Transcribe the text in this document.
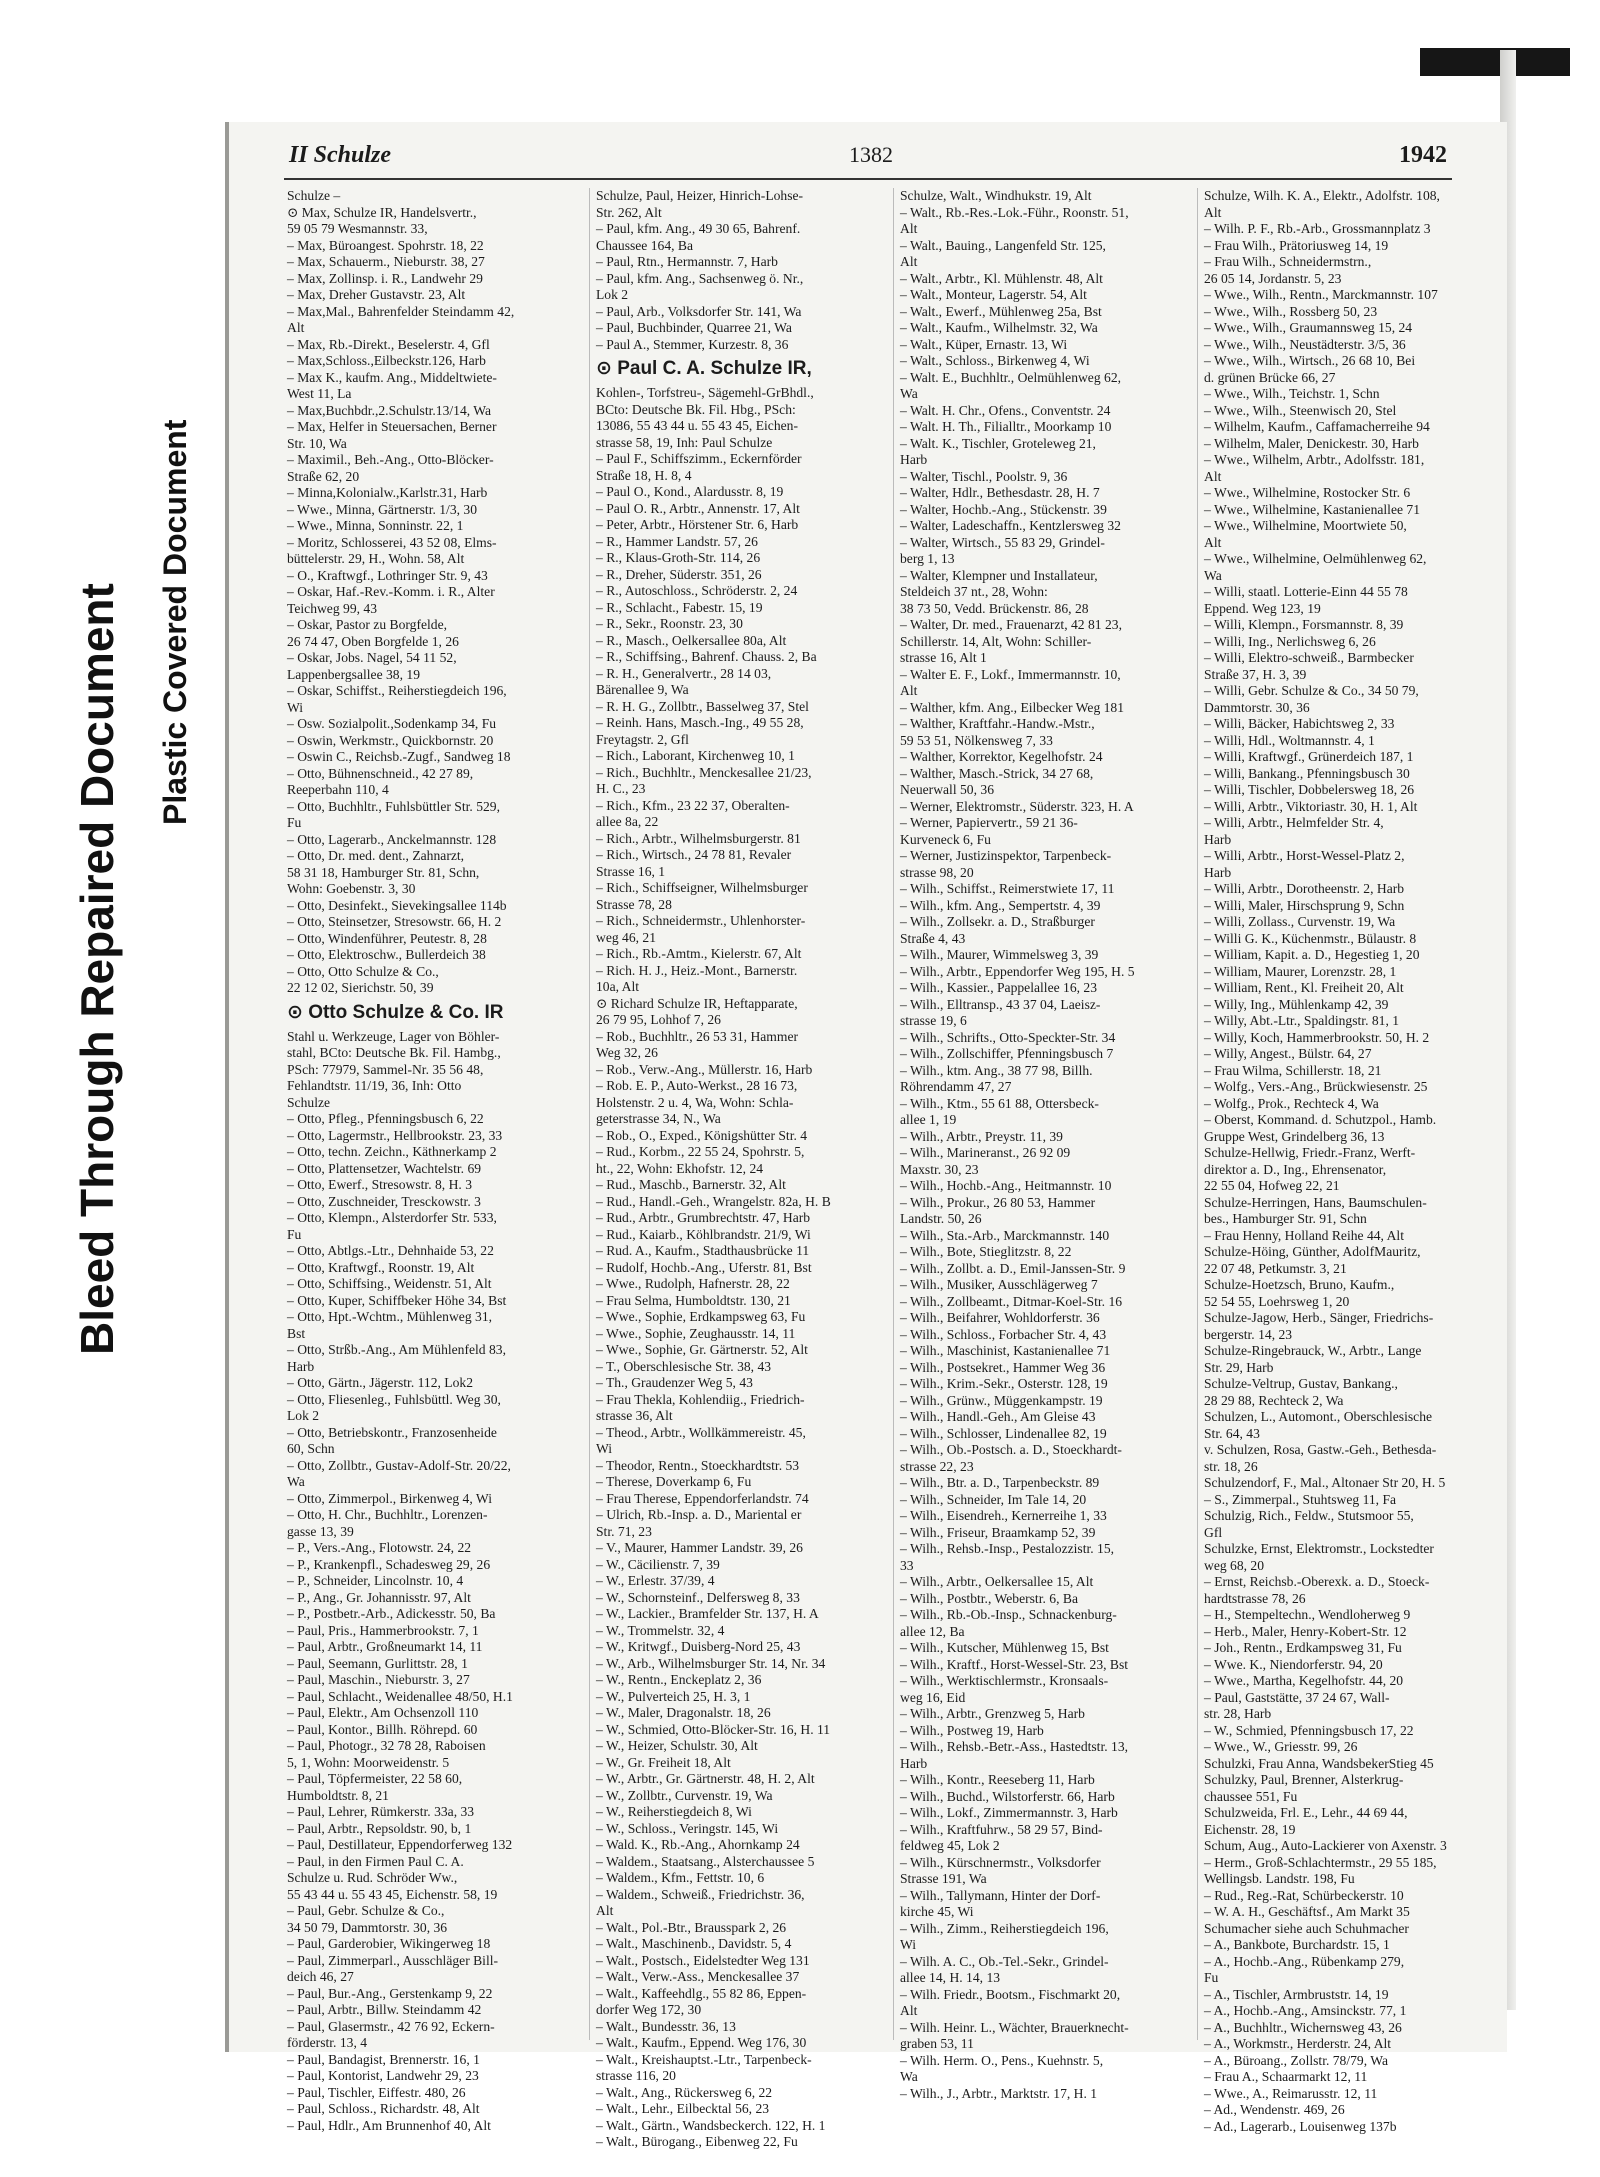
Bleed Through Repaired Document Plastic Covered Document
II Schulze	1382	1942
Schulze –
⊙ Max, Schulze IR, Handelsvertr.,
59 05 79 Wesmannstr. 33,
– Max, Büroangest. Spohrstr. 18, 22
– Max, Schauerm., Nieburstr. 38, 27
– Max, Zollinsp. i. R., Landwehr 29
– Max, Dreher Gustavstr. 23, Alt
– Max,Mal., Bahrenfelder Steindamm 42,
Alt
– Max, Rb.-Direkt., Beselerstr. 4, Gfl
– Max,Schloss.,Eilbeckstr.126, Harb
– Max K., kaufm. Ang., Middeltwiete-
West 11, La
– Max,Buchbdr.,2.Schulstr.13/14, Wa
– Max, Helfer in Steuersachen, Berner
Str. 10, Wa
– Maximil., Beh.-Ang., Otto-Blöcker-
Straße 62, 20
– Minna,Kolonialw.,Karlstr.31, Harb
– Wwe., Minna, Gärtnerstr. 1/3, 30
– Wwe., Minna, Sonninstr. 22, 1
– Moritz, Schlosserei, 43 52 08, Elms-
büttelerstr. 29, H., Wohn. 58, Alt
– O., Kraftwgf., Lothringer Str. 9, 43
– Oskar, Haf.-Rev.-Komm. i. R., Alter
Teichweg 99, 43
– Oskar, Pastor zu Borgfelde,
26 74 47, Oben Borgfelde 1, 26
– Oskar, Jobs. Nagel, 54 11 52,
Lappenbergsallee 38, 19
– Oskar, Schiffst., Reiherstiegdeich 196,
Wi
– Osw. Sozialpolit.,Sodenkamp 34, Fu
– Oswin, Werkmstr., Quickbornstr. 20
– Oswin C., Reichsb.-Zugf., Sandweg 18
– Otto, Bühnenschneid., 42 27 89,
Reeperbahn 110, 4
– Otto, Buchhltr., Fuhlsbüttler Str. 529,
Fu
– Otto, Lagerarb., Anckelmannstr. 128
– Otto, Dr. med. dent., Zahnarzt,
58 31 18, Hamburger Str. 81, Schn,
Wohn: Goebenstr. 3, 30
– Otto, Desinfekt., Sievekingsallee 114b
– Otto, Steinsetzer, Stresowstr. 66, H. 2
– Otto, Windenführer, Peutestr. 8, 28
– Otto, Elektroschw., Bullerdeich 38
– Otto, Otto Schulze & Co.,
22 12 02, Sierichstr. 50, 39
⊙ Otto Schulze & Co. IR
Stahl u. Werkzeuge, Lager von Böhler-
stahl, BCto: Deutsche Bk. Fil. Hambg.,
PSch: 77979, Sammel-Nr. 35 56 48,
Fehlandtstr. 11/19, 36, Inh: Otto
Schulze
– Otto, Pfleg., Pfenningsbusch 6, 22
– Otto, Lagermstr., Hellbrookstr. 23, 33
– Otto, techn. Zeichn., Käthnerkamp 2
– Otto, Plattensetzer, Wachtelstr. 69
– Otto, Ewerf., Stresowstr. 8, H. 3
– Otto, Zuschneider, Tresckowstr. 3
– Otto, Klempn., Alsterdorfer Str. 533,
Fu
– Otto, Abtlgs.-Ltr., Dehnhaide 53, 22
– Otto, Kraftwgf., Roonstr. 19, Alt
– Otto, Schiffsing., Weidenstr. 51, Alt
– Otto, Kuper, Schiffbeker Höhe 34, Bst
– Otto, Hpt.-Wchtm., Mühlenweg 31,
Bst
– Otto, Strßb.-Ang., Am Mühlenfeld 83,
Harb
– Otto, Gärtn., Jägerstr. 112, Lok2
– Otto, Fliesenleg., Fuhlsbüttl. Weg 30,
Lok 2
– Otto, Betriebskontr., Franzosenheide
60, Schn
– Otto, Zollbtr., Gustav-Adolf-Str. 20/22,
Wa
– Otto, Zimmerpol., Birkenweg 4, Wi
– Otto, H. Chr., Buchhltr., Lorenzen-
gasse 13, 39
– P., Vers.-Ang., Flotowstr. 24, 22
– P., Krankenpfl., Schadesweg 29, 26
– P., Schneider, Lincolnstr. 10, 4
– P., Ang., Gr. Johannisstr. 97, Alt
– P., Postbetr.-Arb., Adickesstr. 50, Ba
– Paul, Pris., Hammerbrookstr. 7, 1
– Paul, Arbtr., Großneumarkt 14, 11
– Paul, Seemann, Gurlittstr. 28, 1
– Paul, Maschin., Nieburstr. 3, 27
– Paul, Schlacht., Weidenallee 48/50, H.1
– Paul, Elektr., Am Ochsenzoll 110
– Paul, Kontor., Billh. Röhrepd. 60
– Paul, Photogr., 32 78 28, Raboisen
5, 1, Wohn: Moorweidenstr. 5
– Paul, Töpfermeister, 22 58 60,
Humboldtstr. 8, 21
– Paul, Lehrer, Rümkerstr. 33a, 33
– Paul, Arbtr., Repsoldstr. 90, b, 1
– Paul, Destillateur, Eppendorferweg 132
– Paul, in den Firmen Paul C. A.
Schulze u. Rud. Schröder Ww.,
55 43 44 u. 55 43 45, Eichenstr. 58, 19
– Paul, Gebr. Schulze & Co.,
34 50 79, Dammtorstr. 30, 36
– Paul, Garderobier, Wikingerweg 18
– Paul, Zimmerparl., Ausschläger Bill-
deich 46, 27
– Paul, Bur.-Ang., Gerstenkamp 9, 22
– Paul, Arbtr., Billw. Steindamm 42
– Paul, Glasermstr., 42 76 92, Eckern-
förderstr. 13, 4
– Paul, Bandagist, Brennerstr. 16, 1
– Paul, Kontorist, Landwehr 29, 23
– Paul, Tischler, Eiffestr. 480, 26
– Paul, Schloss., Richardstr. 48, Alt
– Paul, Hdlr., Am Brunnenhof 40, Alt
Schulze, Paul, Heizer, Hinrich-Lohse-
Str. 262, Alt
– Paul, kfm. Ang., 49 30 65, Bahrenf.
Chaussee 164, Ba
– Paul, Rtn., Hermannstr. 7, Harb
– Paul, kfm. Ang., Sachsenweg ö. Nr.,
Lok 2
– Paul, Arb., Volksdorfer Str. 141, Wa
– Paul, Buchbinder, Quarree 21, Wa
– Paul A., Stemmer, Kurzestr. 8, 36
⊙ Paul C. A. Schulze IR,
Kohlen-, Torfstreu-, Sägemehl-GrBhdl.,
BCto: Deutsche Bk. Fil. Hbg., PSch:
13086, 55 43 44 u. 55 43 45, Eichen-
strasse 58, 19, Inh: Paul Schulze
– Paul F., Schiffszimm., Eckernförder
Straße 18, H. 8, 4
– Paul O., Kond., Alardusstr. 8, 19
– Paul O. R., Arbtr., Annenstr. 17, Alt
– Peter, Arbtr., Hörstener Str. 6, Harb
– R., Hammer Landstr. 57, 26
– R., Klaus-Groth-Str. 114, 26
– R., Dreher, Süderstr. 351, 26
– R., Autoschloss., Schröderstr. 2, 24
– R., Schlacht., Fabestr. 15, 19
– R., Sekr., Roonstr. 23, 30
– R., Masch., Oelkersallee 80a, Alt
– R., Schiffsing., Bahrenf. Chauss. 2, Ba
– R. H., Generalvertr., 28 14 03,
Bärenallee 9, Wa
– R. H. G., Zollbtr., Basselweg 37, Stel
– Reinh. Hans, Masch.-Ing., 49 55 28,
Freytagstr. 2, Gfl
– Rich., Laborant, Kirchenweg 10, 1
– Rich., Buchhltr., Menckesallee 21/23,
H. C., 23
– Rich., Kfm., 23 22 37, Oberalten-
allee 8a, 22
– Rich., Arbtr., Wilhelmsburgerstr. 81
– Rich., Wirtsch., 24 78 81, Revaler
Strasse 16, 1
– Rich., Schiffseigner, Wilhelmsburger
Strasse 78, 28
– Rich., Schneidermstr., Uhlenhorster-
weg 46, 21
– Rich., Rb.-Amtm., Kielerstr. 67, Alt
– Rich. H. J., Heiz.-Mont., Barnerstr.
10a, Alt
⊙ Richard Schulze IR, Heftapparate,
26 79 95, Lohhof 7, 26
– Rob., Buchhltr., 26 53 31, Hammer
Weg 32, 26
– Rob., Verw.-Ang., Müllerstr. 16, Harb
– Rob. E. P., Auto-Werkst., 28 16 73,
Holstenstr. 2 u. 4, Wa, Wohn: Schla-
geterstrasse 34, N., Wa
– Rob., O., Exped., Königshütter Str. 4
– Rud., Korbm., 22 55 24, Spohrstr. 5,
ht., 22, Wohn: Ekhofstr. 12, 24
– Rud., Maschb., Barnerstr. 32, Alt
– Rud., Handl.-Geh., Wrangelstr. 82a, H. B
– Rud., Arbtr., Grumbrechtstr. 47, Harb
– Rud., Kaiarb., Köhlbrandstr. 21/9, Wi
– Rud. A., Kaufm., Stadthausbrücke 11
– Rudolf, Hochb.-Ang., Uferstr. 81, Bst
– Wwe., Rudolph, Hafnerstr. 28, 22
– Frau Selma, Humboldtstr. 130, 21
– Wwe., Sophie, Erdkampsweg 63, Fu
– Wwe., Sophie, Zeughausstr. 14, 11
– Wwe., Sophie, Gr. Gärtnerstr. 52, Alt
– T., Oberschlesische Str. 38, 43
– Th., Graudenzer Weg 5, 43
– Frau Thekla, Kohlendiig., Friedrich-
strasse 36, Alt
– Theod., Arbtr., Wollkämmereistr. 45,
Wi
– Theodor, Rentn., Stoeckhardtstr. 53
– Therese, Doverkamp 6, Fu
– Frau Therese, Eppendorferlandstr. 74
– Ulrich, Rb.-Insp. a. D., Mariental er
Str. 71, 23
– V., Maurer, Hammer Landstr. 39, 26
– W., Cäcilienstr. 7, 39
– W., Erlestr. 37/39, 4
– W., Schornsteinf., Delfersweg 8, 33
– W., Lackier., Bramfelder Str. 137, H. A
– W., Trommelstr. 32, 4
– W., Kritwgf., Duisberg-Nord 25, 43
– W., Arb., Wilhelmsburger Str. 14, Nr. 34
– W., Rentn., Enckeplatz 2, 36
– W., Pulverteich 25, H. 3, 1
– W., Maler, Dragonalstr. 18, 26
– W., Schmied, Otto-Blöcker-Str. 16, H. 11
– W., Heizer, Schulstr. 30, Alt
– W., Gr. Freiheit 18, Alt
– W., Arbtr., Gr. Gärtnerstr. 48, H. 2, Alt
– W., Zollbtr., Curvenstr. 19, Wa
– W., Reiherstiegdeich 8, Wi
– W., Schloss., Veringstr. 145, Wi
– Wald. K., Rb.-Ang., Ahornkamp 24
– Waldem., Staatsang., Alsterchaussee 5
– Waldem., Kfm., Fettstr. 10, 6
– Waldem., Schweiß., Friedrichstr. 36,
Alt
– Walt., Pol.-Btr., Brausspark 2, 26
– Walt., Maschinenb., Davidstr. 5, 4
– Walt., Postsch., Eidelstedter Weg 131
– Walt., Verw.-Ass., Menckesallee 37
– Walt., Kaffeehdlg., 55 82 86, Eppen-
dorfer Weg 172, 30
– Walt., Bundesstr. 36, 13
– Walt., Kaufm., Eppend. Weg 176, 30
– Walt., Kreishauptst.-Ltr., Tarpenbeck-
strasse 116, 20
– Walt., Ang., Rückersweg 6, 22
– Walt., Lehr., Eilbecktal 56, 23
– Walt., Gärtn., Wandsbeckerch. 122, H. 1
– Walt., Bürogang., Eibenweg 22, Fu
Schulze, Walt., Windhukstr. 19, Alt
– Walt., Rb.-Res.-Lok.-Führ., Roonstr. 51,
Alt
– Walt., Bauing., Langenfeld Str. 125,
Alt
– Walt., Arbtr., Kl. Mühlenstr. 48, Alt
– Walt., Monteur, Lagerstr. 54, Alt
– Walt., Ewerf., Mühlenweg 25a, Bst
– Walt., Kaufm., Wilhelmstr. 32, Wa
– Walt., Küper, Ernastr. 13, Wi
– Walt., Schloss., Birkenweg 4, Wi
– Walt. E., Buchhltr., Oelmühlenweg 62,
Wa
– Walt. H. Chr., Ofens., Conventstr. 24
– Walt. H. Th., Filialltr., Moorkamp 10
– Walt. K., Tischler, Groteleweg 21,
Harb
– Walter, Tischl., Poolstr. 9, 36
– Walter, Hdlr., Bethesdastr. 28, H. 7
– Walter, Hochb.-Ang., Stückenstr. 39
– Walter, Ladeschaffn., Kentzlersweg 32
– Walter, Wirtsch., 55 83 29, Grindel-
berg 1, 13
– Walter, Klempner und Installateur,
Steldeich 37 nt., 28, Wohn:
38 73 50, Vedd. Brückenstr. 86, 28
– Walter, Dr. med., Frauenarzt, 42 81 23,
Schillerstr. 14, Alt, Wohn: Schiller-
strasse 16, Alt 1
– Walter E. F., Lokf., Immermannstr. 10,
Alt
– Walther, kfm. Ang., Eilbecker Weg 181
– Walther, Kraftfahr.-Handw.-Mstr.,
59 53 51, Nölkensweg 7, 33
– Walther, Korrektor, Kegelhofstr. 24
– Walther, Masch.-Strick, 34 27 68,
Neuerwall 50, 36
– Werner, Elektromstr., Süderstr. 323, H. A
– Werner, Papiervertr., 59 21 36-
Kurveneck 6, Fu
– Werner, Justizinspektor, Tarpenbeck-
strasse 98, 20
– Wilh., Schiffst., Reimerstwiete 17, 11
– Wilh., kfm. Ang., Sempertstr. 4, 39
– Wilh., Zollsekr. a. D., Straßburger
Straße 4, 43
– Wilh., Maurer, Wimmelsweg 3, 39
– Wilh., Arbtr., Eppendorfer Weg 195, H. 5
– Wilh., Kassier., Pappelallee 16, 23
– Wilh., Elltransp., 43 37 04, Laeisz-
strasse 19, 6
– Wilh., Schrifts., Otto-Speckter-Str. 34
– Wilh., Zollschiffer, Pfenningsbusch 7
– Wilh., ktm. Ang., 38 77 98, Billh.
Röhrendamm 47, 27
– Wilh., Ktm., 55 61 88, Ottersbeck-
allee 1, 19
– Wilh., Arbtr., Preystr. 11, 39
– Wilh., Marineranst., 26 92 09
Maxstr. 30, 23
– Wilh., Hochb.-Ang., Heitmannstr. 10
– Wilh., Prokur., 26 80 53, Hammer
Landstr. 50, 26
– Wilh., Sta.-Arb., Marckmannstr. 140
– Wilh., Bote, Stieglitzstr. 8, 22
– Wilh., Zollbt. a. D., Emil-Janssen-Str. 9
– Wilh., Musiker, Ausschlägerweg 7
– Wilh., Zollbeamt., Ditmar-Koel-Str. 16
– Wilh., Beifahrer, Wohldorferstr. 36
– Wilh., Schloss., Forbacher Str. 4, 43
– Wilh., Maschinist, Kastanienallee 71
– Wilh., Postsekret., Hammer Weg 36
– Wilh., Krim.-Sekr., Osterstr. 128, 19
– Wilh., Grünw., Müggenkampstr. 19
– Wilh., Handl.-Geh., Am Gleise 43
– Wilh., Schlosser, Lindenallee 82, 19
– Wilh., Ob.-Postsch. a. D., Stoeckhardt-
strasse 22, 23
– Wilh., Btr. a. D., Tarpenbeckstr. 89
– Wilh., Schneider, Im Tale 14, 20
– Wilh., Eisendreh., Kernerreihe 1, 33
– Wilh., Friseur, Braamkamp 52, 39
– Wilh., Rehsb.-Insp., Pestalozzistr. 15,
33
– Wilh., Arbtr., Oelkersallee 15, Alt
– Wilh., Postbtr., Weberstr. 6, Ba
– Wilh., Rb.-Ob.-Insp., Schnackenburg-
allee 12, Ba
– Wilh., Kutscher, Mühlenweg 15, Bst
– Wilh., Kraftf., Horst-Wessel-Str. 23, Bst
– Wilh., Werktischlermstr., Kronsaals-
weg 16, Eid
– Wilh., Arbtr., Grenzweg 5, Harb
– Wilh., Postweg 19, Harb
– Wilh., Rehsb.-Betr.-Ass., Hastedtstr. 13,
Harb
– Wilh., Kontr., Reeseberg 11, Harb
– Wilh., Buchd., Wilstorferstr. 66, Harb
– Wilh., Lokf., Zimmermannstr. 3, Harb
– Wilh., Kraftfuhrw., 58 29 57, Bind-
feldweg 45, Lok 2
– Wilh., Kürschnermstr., Volksdorfer
Strasse 191, Wa
– Wilh., Tallymann, Hinter der Dorf-
kirche 45, Wi
– Wilh., Zimm., Reiherstiegdeich 196,
Wi
– Wilh. A. C., Ob.-Tel.-Sekr., Grindel-
allee 14, H. 14, 13
– Wilh. Friedr., Bootsm., Fischmarkt 20,
Alt
– Wilh. Heinr. L., Wächter, Brauerknecht-
graben 53, 11
– Wilh. Herm. O., Pens., Kuehnstr. 5,
Wa
– Wilh., J., Arbtr., Marktstr. 17, H. 1
Schulze, Wilh. K. A., Elektr., Adolfstr. 108,
Alt
– Wilh. P. F., Rb.-Arb., Grossmannplatz 3
– Frau Wilh., Prätoriusweg 14, 19
– Frau Wilh., Schneidermstrn.,
26 05 14, Jordanstr. 5, 23
– Wwe., Wilh., Rentn., Marckmannstr. 107
– Wwe., Wilh., Rossberg 50, 23
– Wwe., Wilh., Graumannsweg 15, 24
– Wwe., Wilh., Neustädterstr. 3/5, 36
– Wwe., Wilh., Wirtsch., 26 68 10, Bei
d. grünen Brücke 66, 27
– Wwe., Wilh., Teichstr. 1, Schn
– Wwe., Wilh., Steenwisch 20, Stel
– Wilhelm, Kaufm., Caffamacherreihe 94
– Wilhelm, Maler, Denickestr. 30, Harb
– Wwe., Wilhelm, Arbtr., Adolfsstr. 181,
Alt
– Wwe., Wilhelmine, Rostocker Str. 6
– Wwe., Wilhelmine, Kastanienallee 71
– Wwe., Wilhelmine, Moortwiete 50,
Alt
– Wwe., Wilhelmine, Oelmühlenweg 62,
Wa
– Willi, staatl. Lotterie-Einn 44 55 78
Eppend. Weg 123, 19
– Willi, Klempn., Forsmannstr. 8, 39
– Willi, Ing., Nerlichsweg 6, 26
– Willi, Elektro-schweiß., Barmbecker
Straße 37, H. 3, 39
– Willi, Gebr. Schulze & Co., 34 50 79,
Dammtorstr. 30, 36
– Willi, Bäcker, Habichtsweg 2, 33
– Willi, Hdl., Woltmannstr. 4, 1
– Willi, Kraftwgf., Grünerdeich 187, 1
– Willi, Bankang., Pfenningsbusch 30
– Willi, Tischler, Dobbelersweg 18, 26
– Willi, Arbtr., Viktoriastr. 30, H. 1, Alt
– Willi, Arbtr., Helmfelder Str. 4,
Harb
– Willi, Arbtr., Horst-Wessel-Platz 2,
Harb
– Willi, Arbtr., Dorotheenstr. 2, Harb
– Willi, Maler, Hirschsprung 9, Schn
– Willi, Zollass., Curvenstr. 19, Wa
– Willi G. K., Küchenmstr., Bülaustr. 8
– William, Kapit. a. D., Hegestieg 1, 20
– William, Maurer, Lorenzstr. 28, 1
– William, Rent., Kl. Freiheit 20, Alt
– Willy, Ing., Mühlenkamp 42, 39
– Willy, Abt.-Ltr., Spaldingstr. 81, 1
– Willy, Koch, Hammerbrookstr. 50, H. 2
– Willy, Angest., Bülstr. 64, 27
– Frau Wilma, Schillerstr. 18, 21
– Wolfg., Vers.-Ang., Brückwiesenstr. 25
– Wolfg., Prok., Rechteck 4, Wa
– Oberst, Kommand. d. Schutzpol., Hamb.
Gruppe West, Grindelberg 36, 13
Schulze-Hellwig, Friedr.-Franz, Werft-
direktor a. D., Ing., Ehrensenator,
22 55 04, Hofweg 22, 21
Schulze-Herringen, Hans, Baumschulen-
bes., Hamburger Str. 91, Schn
– Frau Henny, Holland Reihe 44, Alt
Schulze-Höing, Günther, AdolfMauritz,
22 07 48, Petkumstr. 3, 21
Schulze-Hoetzsch, Bruno, Kaufm.,
52 54 55, Loehrsweg 1, 20
Schulze-Jagow, Herb., Sänger, Friedrichs-
bergerstr. 14, 23
Schulze-Ringebrauck, W., Arbtr., Lange
Str. 29, Harb
Schulze-Veltrup, Gustav, Bankang.,
28 29 88, Rechteck 2, Wa
Schulzen, L., Automont., Oberschlesische
Str. 64, 43
v. Schulzen, Rosa, Gastw.-Geh., Bethesda-
str. 18, 26
Schulzendorf, F., Mal., Altonaer Str 20, H. 5
– S., Zimmerpal., Stuhtsweg 11, Fa
Schulzig, Rich., Feldw., Stutsmoor 55,
Gfl
Schulzke, Ernst, Elektromstr., Lockstedter
weg 68, 20
– Ernst, Reichsb.-Oberexk. a. D., Stoeck-
hardtstrasse 78, 26
– H., Stempeltechn., Wendloherweg 9
– Herb., Maler, Henry-Kobert-Str. 12
– Joh., Rentn., Erdkampsweg 31, Fu
– Wwe. K., Niendorferstr. 94, 20
– Wwe., Martha, Kegelhofstr. 44, 20
– Paul, Gaststätte, 37 24 67, Wall-
str. 28, Harb
– W., Schmied, Pfenningsbusch 17, 22
– Wwe., W., Griesstr. 99, 26
Schulzki, Frau Anna, WandsbekerStieg 45
Schulzky, Paul, Brenner, Alsterkrug-
chaussee 551, Fu
Schulzweida, Frl. E., Lehr., 44 69 44,
Eichenstr. 28, 19
Schum, Aug., Auto-Lackierer von Axenstr. 3
– Herm., Groß-Schlachtermstr., 29 55 185,
Wellingsb. Landstr. 198, Fu
– Rud., Reg.-Rat, Schürbeckerstr. 10
– W. A. H., Geschäftsf., Am Markt 35
Schumacher siehe auch Schuhmacher
– A., Bankbote, Burchardstr. 15, 1
– A., Hochb.-Ang., Rübenkamp 279,
Fu
– A., Tischler, Armbruststr. 14, 19
– A., Hochb.-Ang., Amsinckstr. 77, 1
– A., Buchhltr., Wichernsweg 43, 26
– A., Workmstr., Herderstr. 24, Alt
– A., Büroang., Zollstr. 78/79, Wa
– Frau A., Schaarmarkt 12, 11
– Wwe., A., Reimarusstr. 12, 11
– Ad., Wendenstr. 469, 26
– Ad., Lagerarb., Louisenweg 137b
